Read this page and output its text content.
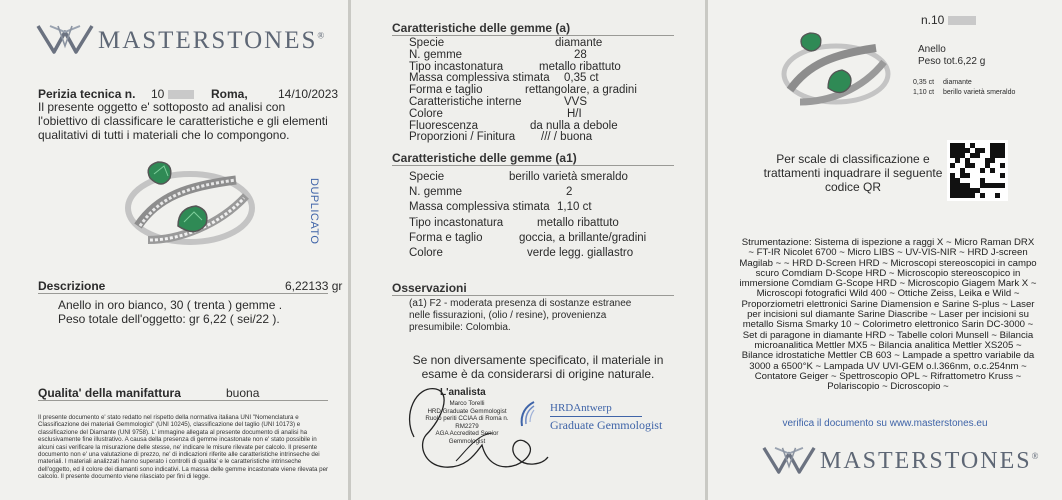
MASTERSTONES®
Perizia tecnica n. 10	Roma,	14/10/2023
Il presente oggetto e' sottoposto ad analisi con l'obiettivo di classificare le caratteristiche e gli elementi qualitativi di tutti i materiali che lo compongono.
DUPLICATO
Descrizione	6,22133 gr
Anello in oro bianco, 30 ( trenta ) gemme .
Peso totale dell'oggetto: gr 6,22 ( sei/22 ).
Qualita' della manifattura	buona
Il presente documento e' stato redatto nel rispetto della normativa italiana UNI "Nomenclatura e Classificazione dei materiali Gemmologici" (UNI 10245), classificazione del taglio (UNI 10173) e classificazione del Diamante (UNI 9758). L' immagine allegata al presente documento di analisi ha esclusivamente fine illustrativo. A causa della presenza di gemme incastonate non e' stato possibile in alcuni casi verificare la misurazione delle stesse, ne' indicare le misure rilevate per calcolo. Il presente documento non e' una valutazione di prezzo, ne' di indicazioni riferite alle caratteristiche intrinseche dei materiali. I materiali analizzati hanno superato i controlli di qualita' e le caratteristiche intrinseche dell'oggetto, ed il colore dei diamanti sono indicativi. La massa delle gemme incastonate viene rilevata per calcolo. Il presente documento viene rilasciato per fini di legge.
Caratteristiche delle gemme (a)
Specie	diamante
N. gemme	28
Tipo incastonatura	metallo ribattuto
Massa complessiva stimata 0,35 ct
Forma e taglio	rettangolare, a gradini
Caratteristiche interne	VVS
Colore	H/I
Fluorescenza	da nulla a debole
Proporzioni / Finitura /// / buona
Caratteristiche delle gemme (a1)
Specie	berillo varietà smeraldo
N. gemme	2
Massa complessiva stimata 1,10 ct
Tipo incastonatura	metallo ribattuto
Forma e taglio	goccia, a brillante/gradini
Colore	verde legg. giallastro
Osservazioni
(a1) F2 - moderata presenza di sostanze estranee nelle fissurazioni, (olio / resine), provenienza presumibile: Colombia.
Se non diversamente specificato, il materiale in esame è da considerarsi di origine naturale.
L'analista
Marco Torelli
HRD Graduate Gemmologist
Ruolo periti CCIAA di Roma n. RM2279
AGA Accredited Senior Gemmologist
HRDAntwerp
Graduate Gemmologist
n.10
Anello
Peso tot.6,22 g
0,35 ct diamante
1,10 ct berillo varietà smeraldo
Per scale di classificazione e trattamenti inquadrare il seguente codice QR
Strumentazione: Sistema di ispezione a raggi X ~ Micro Raman DRX ~ FT-IR Nicolet 6700 ~ Micro LIBS ~ UV-VIS-NIR ~ HRD J-screen Magilab ~ ~ HRD D-Screen HRD ~ Microscopi stereoscopici in campo scuro Comdiam D-Scope HRD ~ Microscopio stereoscopico in immersione Comdiam G-Scope HRD ~ Microscopio Giagem Mark X ~ Microscopi fotografici Wild 400 ~ Ottiche Zeiss, Leika e Wild ~ Proporziometri elettronici Sarine Diamension e Sarine S-plus ~ Laser per incisioni sul diamante Sarine Diascribe ~ Laser per incisioni su metallo Sisma Smarky 10 ~ Colorimetro elettronico Sarin DC-3000 ~ Set di paragone in diamante HRD ~ Tabelle colori Munsell ~ Bilancia microanalitica Mettler MX5 ~ Bilancia analitica Mettler XS205 ~ Bilance idrostatiche Mettler CB 603 ~ Lampade a spettro variabile da 3000 a 6500°K ~ Lampada UV UVI-GEM o.l.366nm, o.c.254nm ~ Contatore Geiger ~ Spettroscopio OPL ~ Rifrattometro Kruss ~ Polariscopio ~ Dicroscopio ~
verifica il documento su www.masterstones.eu
MASTERSTONES®
